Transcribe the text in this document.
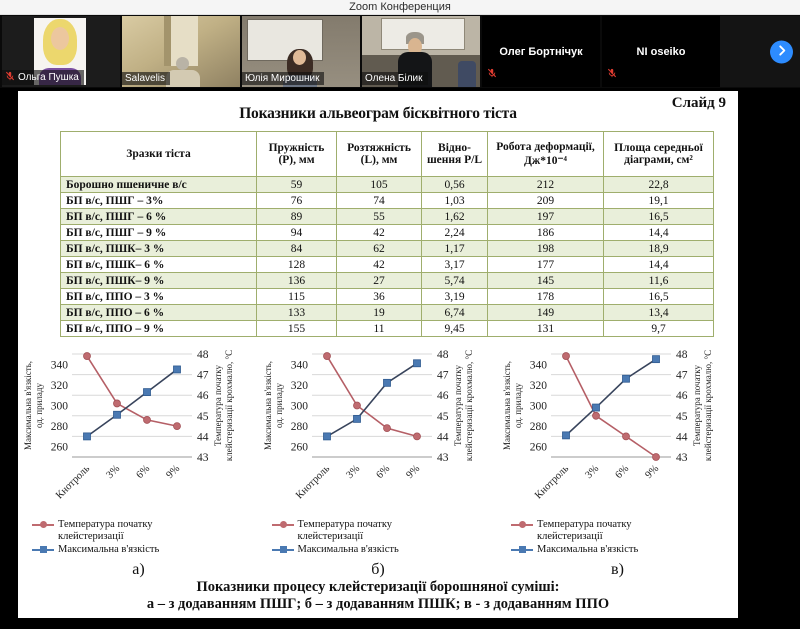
Zoom Конференция
Ольга Пушка	Salavelis	Юлія Мирошник	Олена Білик
Олег Бортнічук	NI oseiko
Слайд 9
Показники альвеограм бісквітного тіста
Зразки тіста	Пружність (Р), мм	Розтяжність (L), мм	Відно-шення P/L	Робота деформації, Дж*10⁻⁴	Площа середньої діаграми, см²
Борошно пшеничне в/с	59	105	0,56	212	22,8
БП в/с, ПШГ – 3%	76	74	1,03	209	19,1
БП в/с, ПШГ – 6 %	89	55	1,62	197	16,5
БП в/с, ПШГ – 9 %	94	42	2,24	186	14,4
БП в/с, ПШК– 3 %	84	62	1,17	198	18,9
БП в/с, ПШК– 6 %	128	42	3,17	177	14,4
БП в/с, ПШК– 9 %	136	27	5,74	145	11,6
БП в/с, ППО – 3 %	115	36	3,19	178	16,5
БП в/с, ППО – 6 %	133	19	6,74	149	13,4
БП в/с, ППО – 9 %	155	11	9,45	131	9,7
260
280
300
320
340
43
44
45
46
47
48
Кнотроль 3% 6% 9%
Максимальна в'язкість, од. приладу	Температура початку клейстеризації крохмалю, °С
Температура початку клейстеризації
Максимальна в'язкість
а)
260
280
300
320
340
43
44
45
46
47
48
Кнотроль 3% 6% 9%
Максимальна в'язкість, од. приладу	Температура початку клейстеризації крохмалю, °С
Температура початку клейстеризації
Максимальна в'язкість
б)
260
280
300
320
340
43
44
45
46
47
48
Кнотроль 3% 6% 9%
Максимальна в'язкість, од. приладу	Температура початку клейстеризації крохмалю, °С
Температура початку клейстеризації
Максимальна в'язкість
в)
Показники процесу клейстеризації борошняної суміші:
а – з додаванням ПШГ; б – з додаванням ПШК; в - з додаванням ППО
